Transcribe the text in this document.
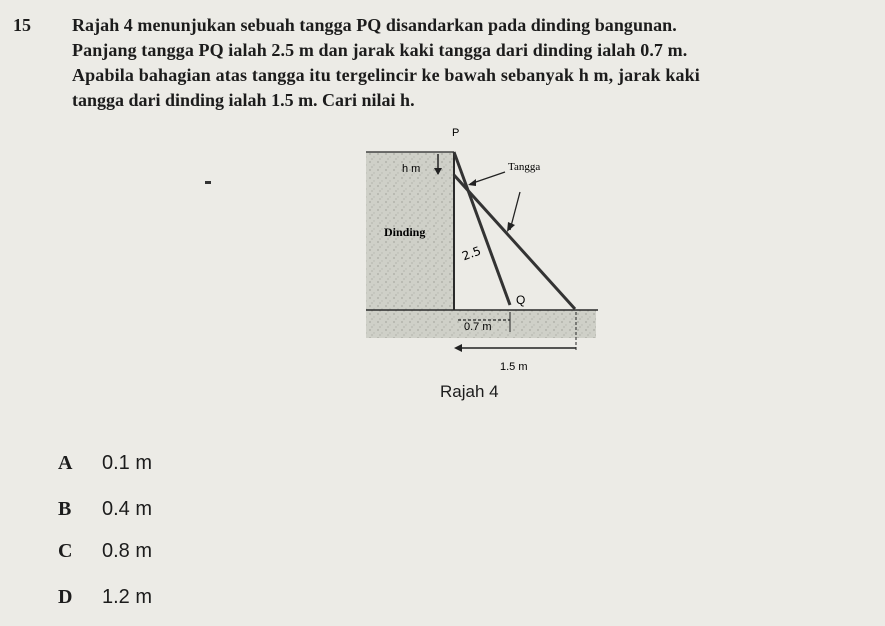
15 Rajah 4 menunjukan sebuah tangga PQ disandarkan pada dinding bangunan.
Panjang tangga PQ ialah 2.5 m dan jarak kaki tangga dari dinding ialah 0.7 m.
Apabila bahagian atas tangga itu tergelincir ke bawah sebanyak h m, jarak kaki
tangga dari dinding ialah 1.5 m. Cari nilai h.
P
h m	Tangga
Dinding
2.5
Q
0.7 m
1.5 m
Rajah 4
A 0.1 m
B 0.4 m
C 0.8 m
D 1.2 m
